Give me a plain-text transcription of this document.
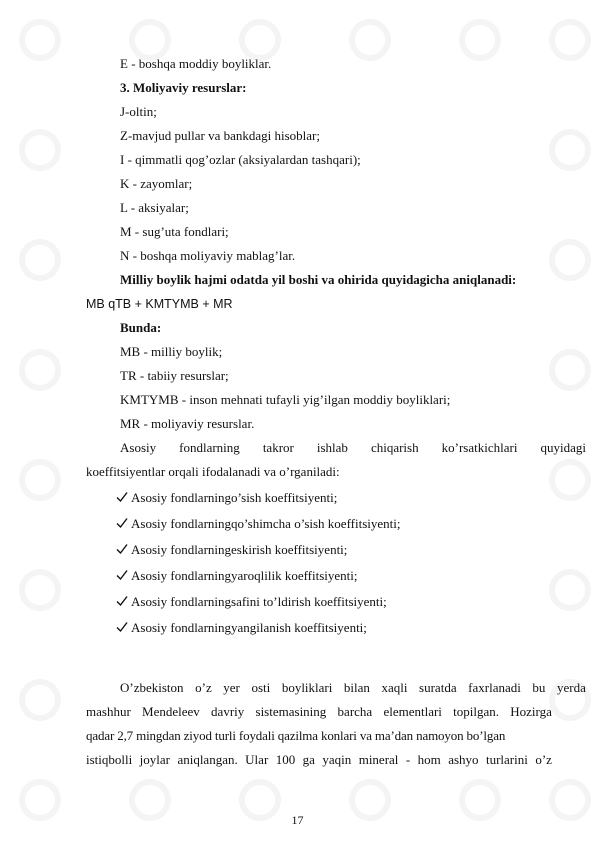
E - boshqa moddiy boyliklar.
3. Moliyaviy resurslar:
J-oltin;
Z-mavjud pullar va bankdagi hisoblar;
I - qimmatli qog’ozlar (aksiyalardan tashqari);
K - zayomlar;
L - aksiyalar;
M - sug’uta fondlari;
N - boshqa moliyaviy mablag’lar.
Milliy boylik hajmi odatda yil boshi va ohirida quyidagicha aniqlanadi:
MB qTB + KMTYMB + MR
Bunda:
MB - milliy boylik;
TR - tabiiy resurslar;
KMTYMB - inson mehnati tufayli yig’ilgan moddiy boyliklari;
MR - moliyaviy resurslar.
Asosiy fondlarning takror ishlab chiqarish ko’rsatkichlari quyidagi
koeffitsiyentlar orqali ifodalanadi va o’rganiladi:
Asosiy fondlarningo’sish koeffitsiyenti;
Asosiy fondlarningqo’shimcha o’sish koeffitsiyenti;
Asosiy fondlarningeskirish koeffitsiyenti;
Asosiy fondlarningyaroqlilik koeffitsiyenti;
Asosiy fondlarningsafini to’ldirish koeffitsiyenti;
Asosiy fondlarningyangilanish koeffitsiyenti;
O’zbekiston o’z yer osti boyliklari bilan xaqli suratda faxrlanadi bu yerda
mashhur Mendeleev davriy sistemasining barcha elementlari topilgan. Hozirga
qadar 2,7 mingdan ziyod turli foydali qazilma konlari va ma’dan namoyon bo’lgan
istiqbolli joylar aniqlangan. Ular 100 ga yaqin mineral - hom ashyo turlarini o’z
17
